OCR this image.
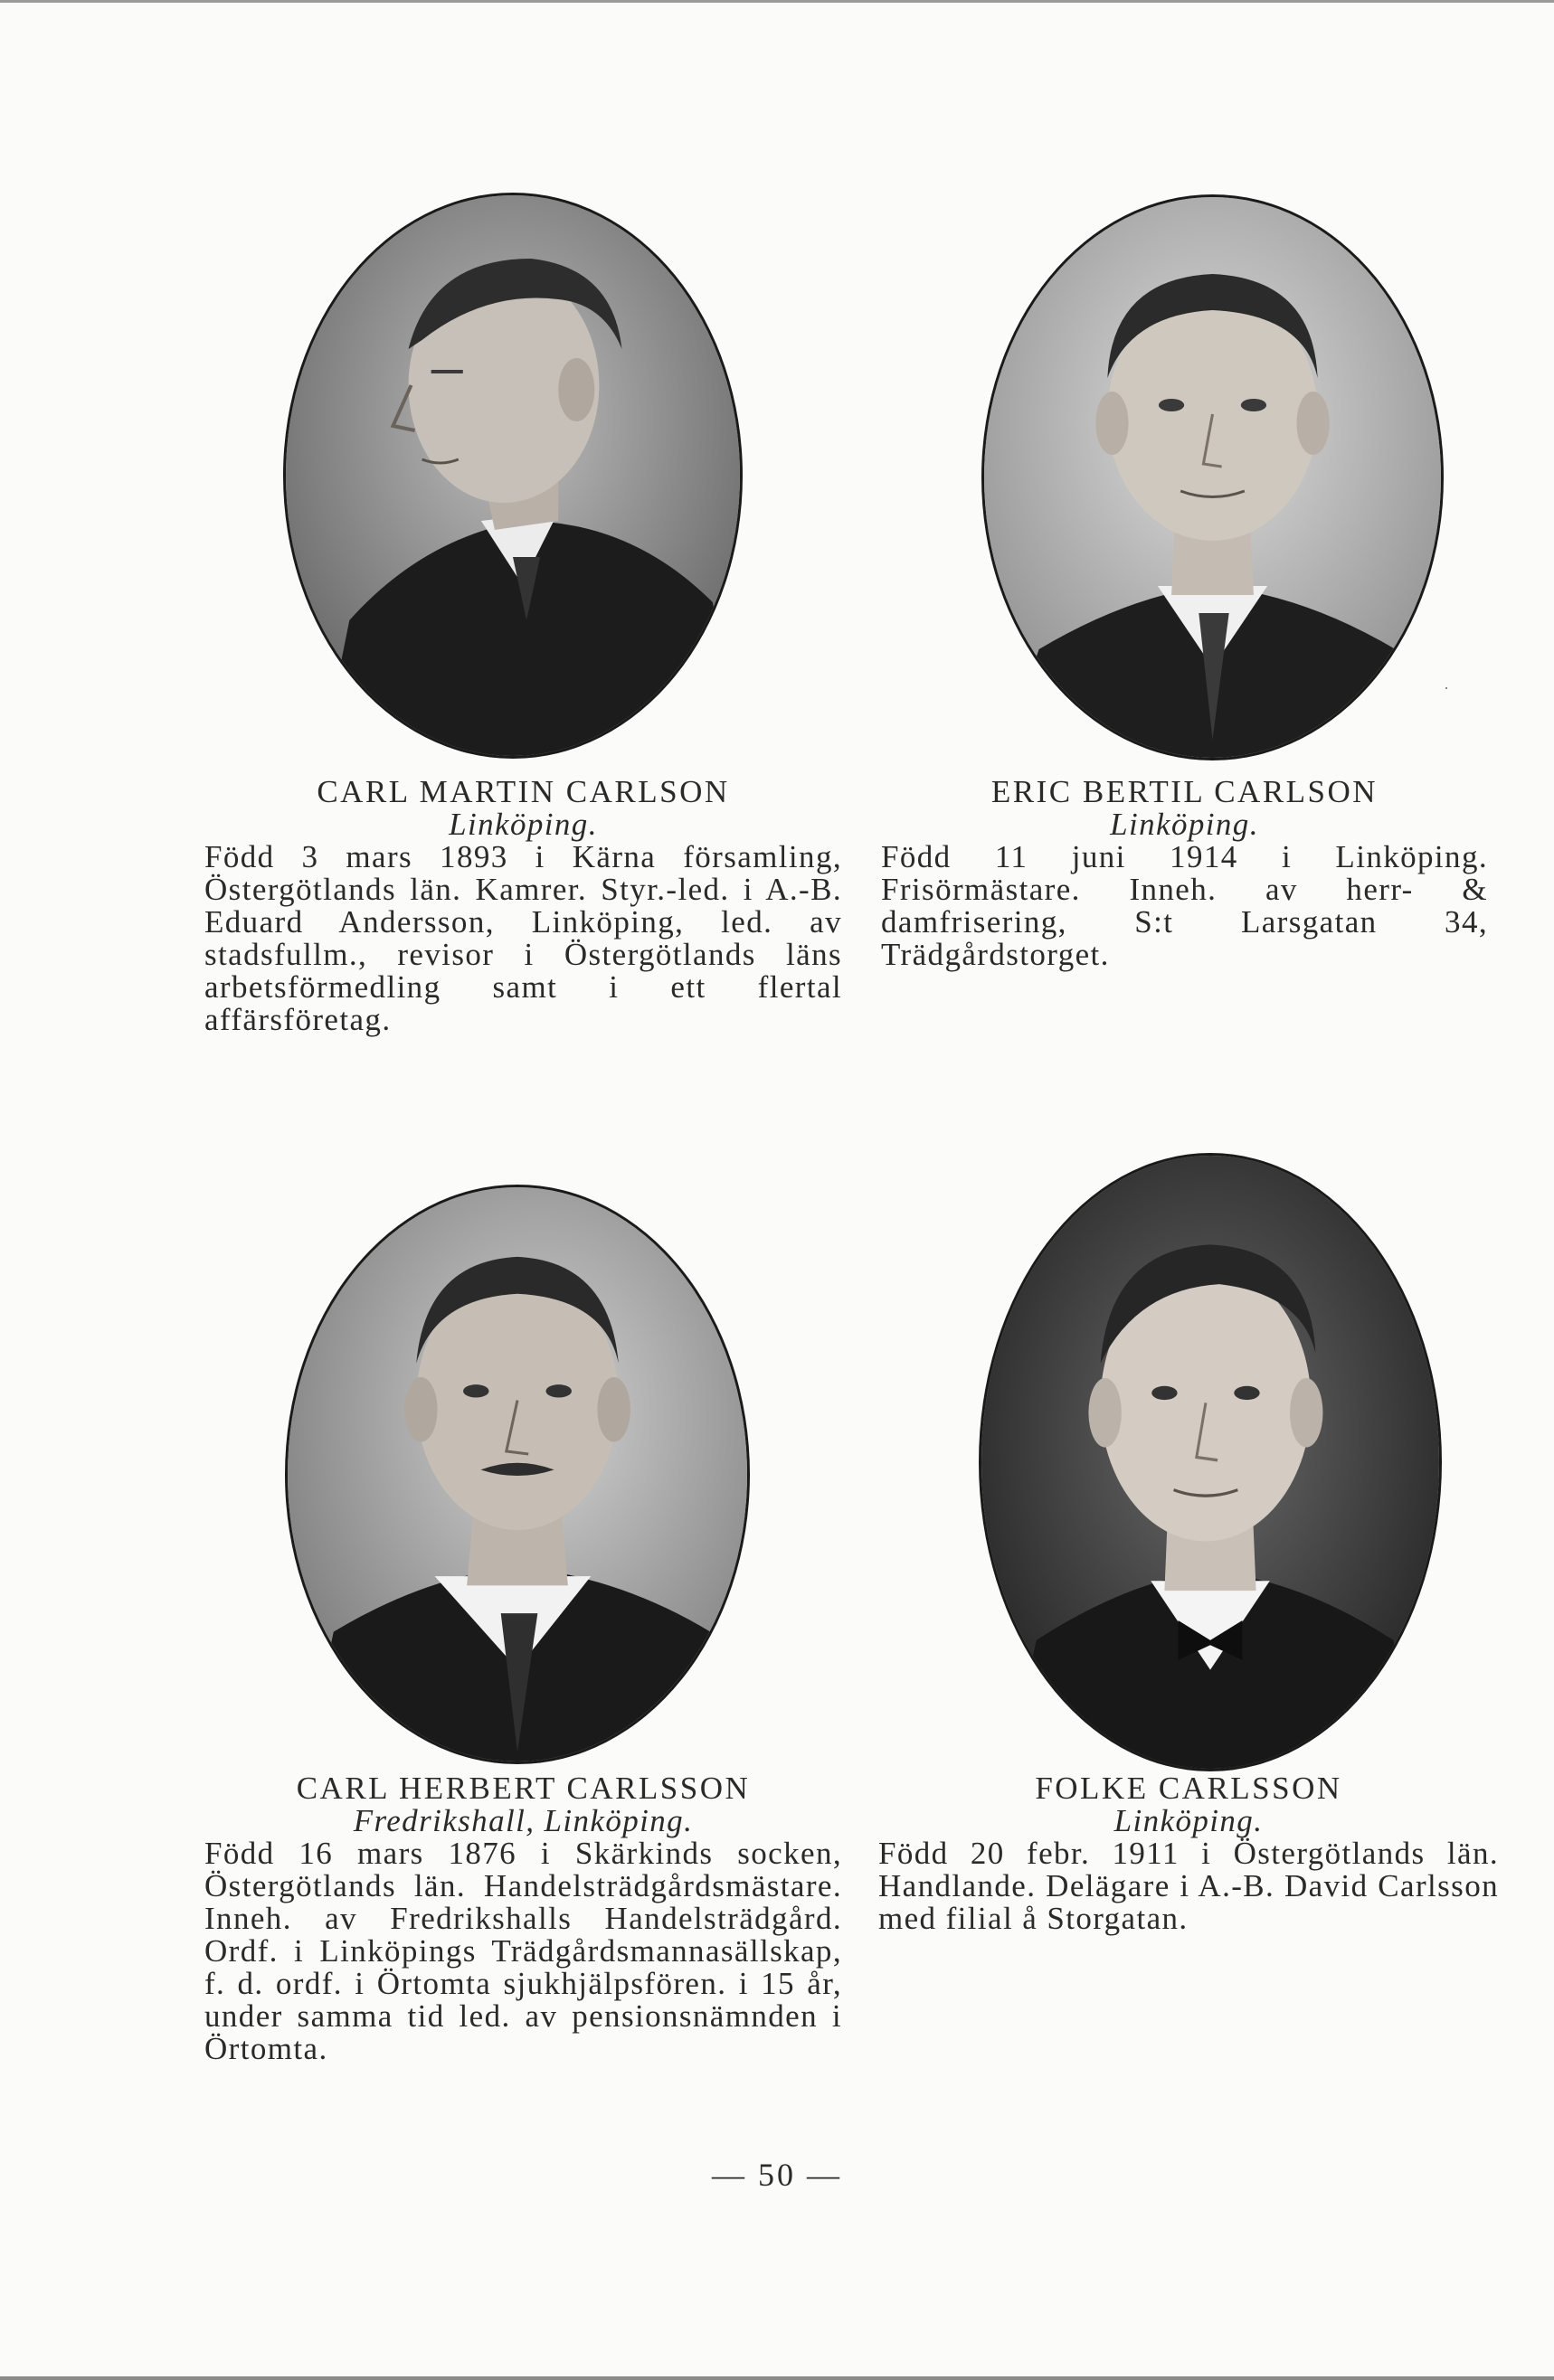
CARL MARTIN CARLSON

Linköping.

Född 3 mars 1893 i Kärna församling, Östergötlands län. Kamrer. Styr.-led. i A.-B. Eduard Andersson, Linköping, led. av stadsfullm., revisor i Östergötlands läns arbetsförmedling samt i ett flertal affärsföretag.

ERIC BERTIL CARLSON

Linköping.

Född 11 juni 1914 i Linköping. Frisörmästare. Inneh. av herr- & damfrisering, S:t Larsgatan 34, Trädgårdstorget.

CARL HERBERT CARLSSON

Fredrikshall, Linköping.

Född 16 mars 1876 i Skärkinds socken, Östergötlands län. Handelsträdgårdsmästare. Inneh. av Fredrikshalls Handelsträdgård. Ordf. i Linköpings Trädgårdsmannasällskap, f. d. ordf. i Örtomta sjukhjälpsfören. i 15 år, under samma tid led. av pensionsnämnden i Örtomta.

FOLKE CARLSSON

Linköping.

Född 20 febr. 1911 i Östergötlands län. Handlande. Delägare i A.-B. David Carlsson med filial å Storgatan.

— 50 —
